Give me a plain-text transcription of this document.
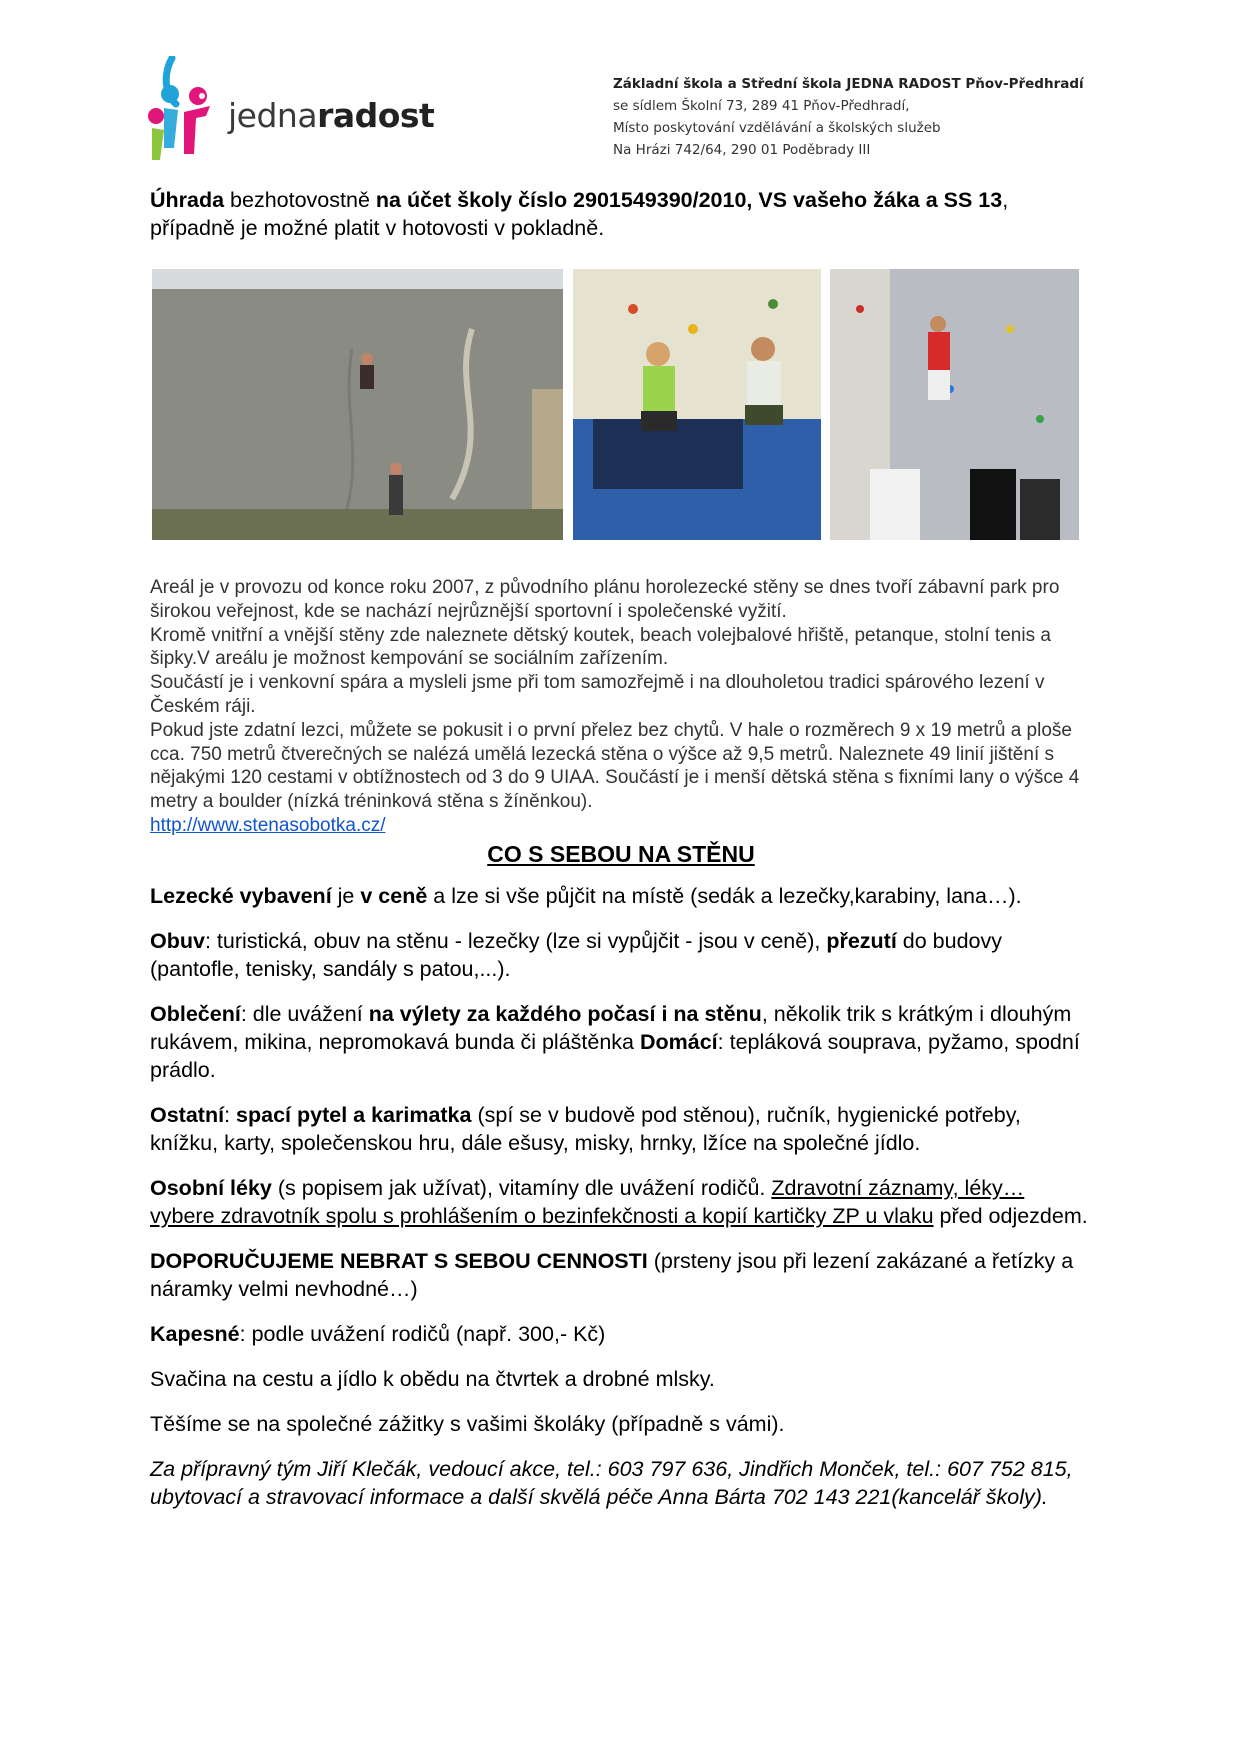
jednaradost
Základní škola a Střední škola JEDNA RADOST Pňov-Předhradí
se sídlem Školní 73, 289 41 Pňov-Předhradí,
Místo poskytování vzdělávání a školských služeb
Na Hrázi 742/64, 290 01 Poděbrady III

Úhrada bezhotovostně na účet školy číslo 2901549390/2010, VS vašeho žáka a SS 13, případně je možné platit v hotovosti v pokladně.

Areál je v provozu od konce roku 2007, z původního plánu horolezecké stěny se dnes tvoří zábavní park pro širokou veřejnost, kde se nachází nejrůznější sportovní i společenské vyžití.

Kromě vnitřní a vnější stěny zde naleznete dětský koutek, beach volejbalové hřiště, petanque, stolní tenis a šipky.V areálu je možnost kempování se sociálním zařízením.

Součástí je i venkovní spára a mysleli jsme při tom samozřejmě i na dlouholetou tradici spárového lezení v Českém ráji.

Pokud jste zdatní lezci, můžete se pokusit i o první přelez bez chytů. V hale o rozměrech 9 x 19 metrů a ploše cca. 750 metrů čtverečných se nalézá umělá lezecká stěna o výšce až 9,5 metrů. Naleznete 49 linií jištění s nějakými 120 cestami v obtížnostech od 3 do 9 UIAA. Součástí je i menší dětská stěna s fixními lany o výšce 4 metry a boulder (nízká tréninková stěna s žíněnkou).

http://www.stenasobotka.cz/
CO S SEBOU NA STĚNU

Lezecké vybavení je v ceně a lze si vše půjčit na místě (sedák a lezečky,karabiny, lana…).

Obuv: turistická, obuv na stěnu - lezečky (lze si vypůjčit - jsou v ceně), přezutí do budovy (pantofle, tenisky, sandály s patou,...).

Oblečení: dle uvážení na výlety za každého počasí i na stěnu, několik trik s krátkým i dlouhým rukávem, mikina, nepromokavá bunda či pláštěnka Domácí: tepláková souprava, pyžamo, spodní prádlo.

Ostatní: spací pytel a karimatka (spí se v budově pod stěnou), ručník, hygienické potřeby, knížku, karty, společenskou hru, dále ešusy, misky, hrnky, lžíce na společné jídlo.

Osobní léky (s popisem jak užívat), vitamíny dle uvážení rodičů. Zdravotní záznamy, léky… vybere zdravotník spolu s prohlášením o bezinfekčnosti a kopií kartičky ZP u vlaku před odjezdem.

DOPORUČUJEME NEBRAT S SEBOU CENNOSTI (prsteny jsou při lezení zakázané a řetízky a náramky velmi nevhodné…)

Kapesné: podle uvážení rodičů (např. 300,- Kč)

Svačina na cestu a jídlo k obědu na čtvrtek a drobné mlsky.

Těšíme se na společné zážitky s vašimi školáky (případně s vámi).

Za přípravný tým Jiří Klečák, vedoucí akce, tel.: 603 797 636, Jindřich Monček, tel.: 607 752 815, ubytovací a stravovací informace a další skvělá péče Anna Bárta 702 143 221(kancelář školy).
